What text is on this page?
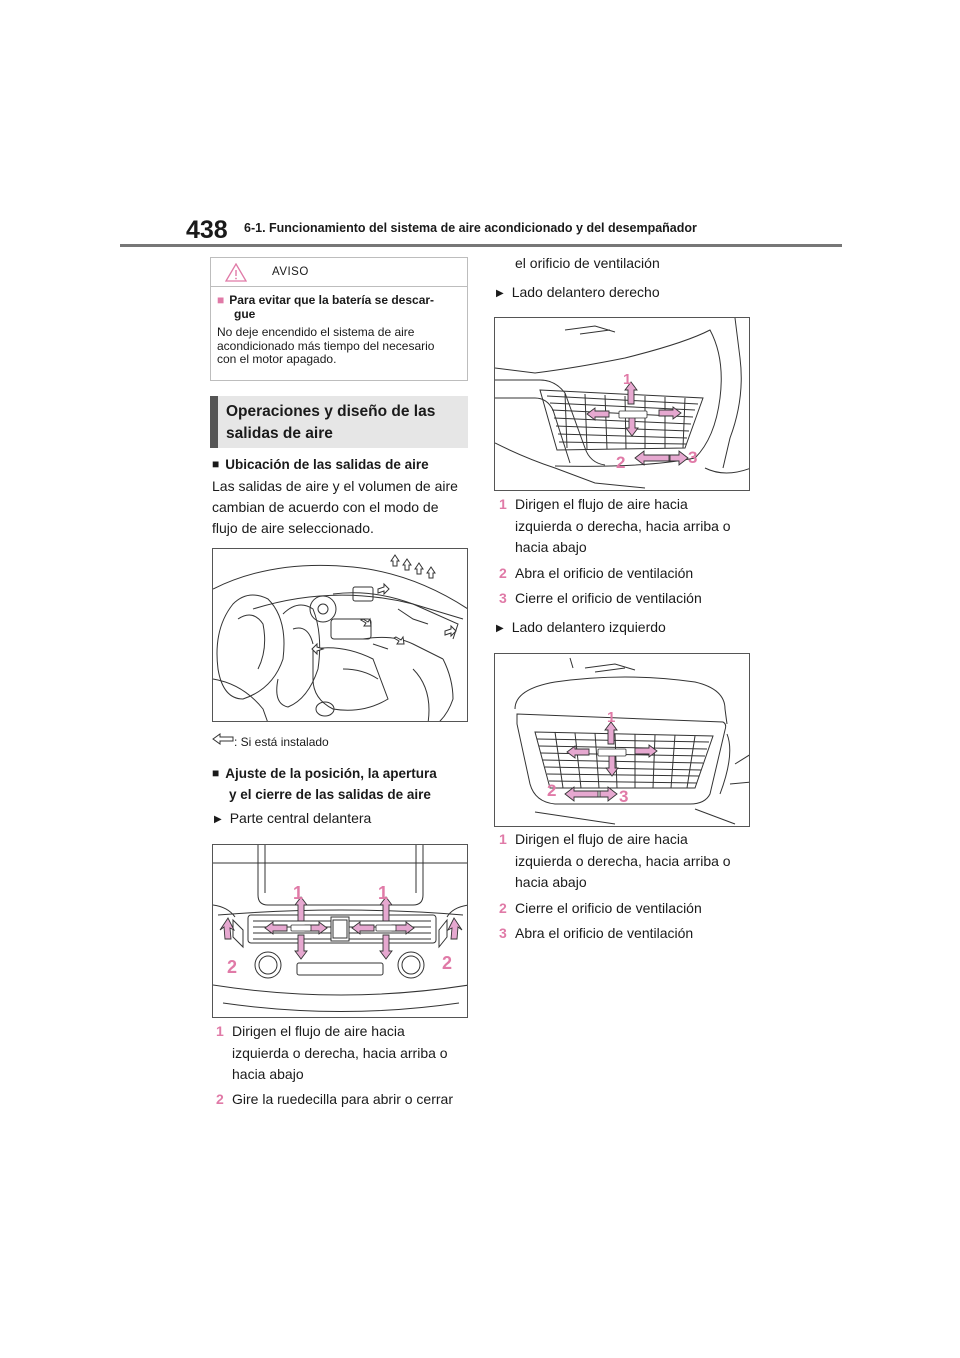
438 6-1. Funcionamiento del sistema de aire acondicionado y del desempañador
AVISO
■ Para evitar que la batería se descar-
gue
No deje encendido el sistema de aire
acondicionado más tiempo del necesario
con el motor apagado.
Operaciones y diseño de las
salidas de aire
■ Ubicación de las salidas de aire
Las salidas de aire y el volumen de aire
cambian de acuerdo con el modo de
flujo de aire seleccionado.
: Si está instalado
■ Ajuste de la posición, la apertura
y el cierre de las salidas de aire
▶ Parte central delantera
1	1
2	2
1 Dirigen el flujo de aire hacia
izquierda o derecha, hacia arriba o
hacia abajo
2 Gire la ruedecilla para abrir o cerrar
el orificio de ventilación
▶ Lado delantero derecho
1
2	3
1 Dirigen el flujo de aire hacia
izquierda o derecha, hacia arriba o
hacia abajo
2 Abra el orificio de ventilación
3 Cierre el orificio de ventilación
▶ Lado delantero izquierdo
1
2	3
1 Dirigen el flujo de aire hacia
izquierda o derecha, hacia arriba o
hacia abajo
2 Cierre el orificio de ventilación
3 Abra el orificio de ventilación
